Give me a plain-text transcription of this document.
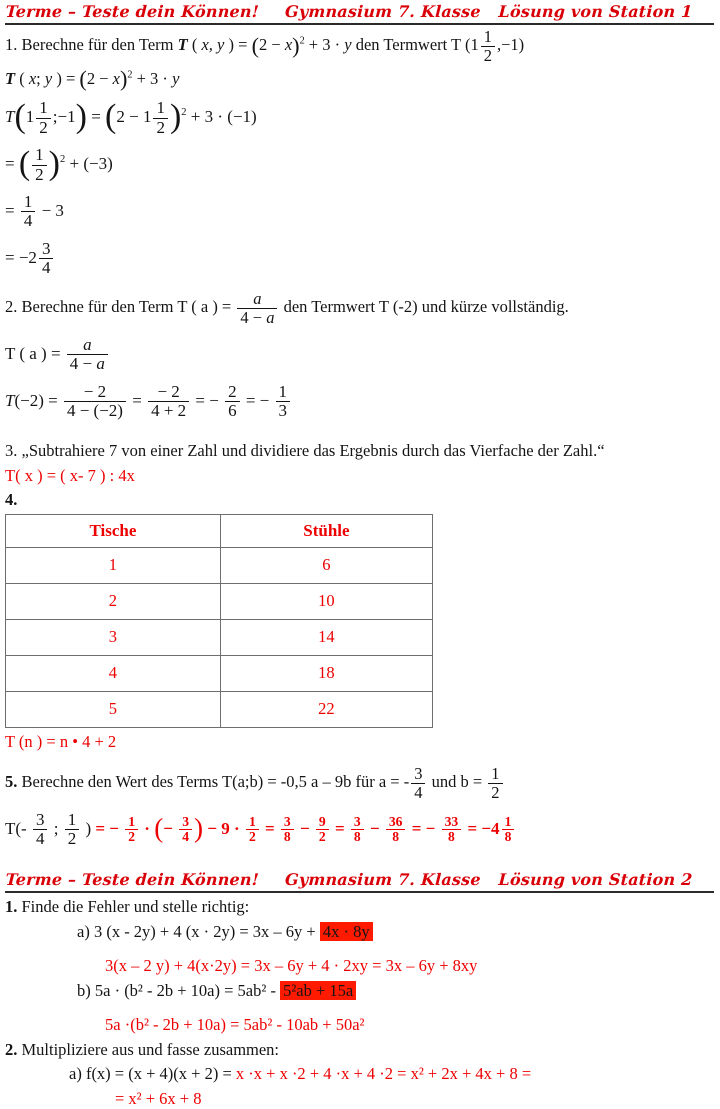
Terme – Teste dein Können! Gymnasium 7. Klasse Lösung von Station 1
1. Berechne für den Term T ( x, y ) = $(2 - x)^2 + 3 \cdot y$ den Termwert T $(1 \frac{1}{2} ,-1)$
T ( x; y ) = $(2 - x)^2 + 3 \cdot y$
$T(1 \frac{1}{2}$ ;−1) = $(2 - 1 \frac{1}{2} )^2 + 3 \cdot (-1)$
= ( $\frac{1}{2} )^2 + (-3)$
= $\frac{1}{4} - 3$
= $-2 \frac{3}{4}$
2. Berechne für den Term T ( a ) = $\frac{a}{4 - a}$ den Termwert T (-2) und kürze vollständig.
T ( a ) = $\frac{a}{4 - a}$
$T(-2) = \frac{- 2}{4 - (-2)} = \frac{- 2}{4 + 2}$ = − $\frac{2}{6}$ = − $\frac{1}{3}$
3. „Subtrahiere 7 von einer Zahl und dividiere das Ergebnis durch das Vierfache der Zahl.“
T( x ) = ( x- 7 ) : 4x
4.
Tische	Stühle
1	6
2	10
3	14
4	18
5	22
T (n ) = n • 4 + 2
5. Berechne den Wert des Terms T(a;b) = -0,5 a – 9b für a = - $\frac{3}{4}$ und $b = \frac{1}{2}$
$T(- \frac{3}{4}$ ; $\frac{1}{2}$ ) = − $\frac{1}{2}$ · (− $\frac{3}{4}$ ) − $9 \cdot \frac{1}{2} = \frac{3}{8} - \frac{9}{2} = \frac{3}{8} - \frac{36}{8}$ = − $\frac{33}{8} = -4 \frac{1}{8}$
Terme – Teste dein Können! Gymnasium 7. Klasse Lösung von Station 2
1. Finde die Fehler und stelle richtig:
a) 3 (x - 2y) + 4 (x · 2y) = 3x – 6y + 4x · 8y
3(x – 2 y) + 4(x·2y) = 3x – 6y + 4 · 2xy = 3x – 6y + 8xy
b) 5a · (b² - 2b + 10a) = 5ab² - 5²ab + 15a
5a ·(b² - 2b + 10a) = 5ab² - 10ab + 50a²
2. Multipliziere aus und fasse zusammen:
a) f(x) = (x + 4)(x + 2) = x ·x + x ·2 + 4 ·x + 4 ·2 = x² + 2x + 4x + 8 =
= x² + 6x + 8
